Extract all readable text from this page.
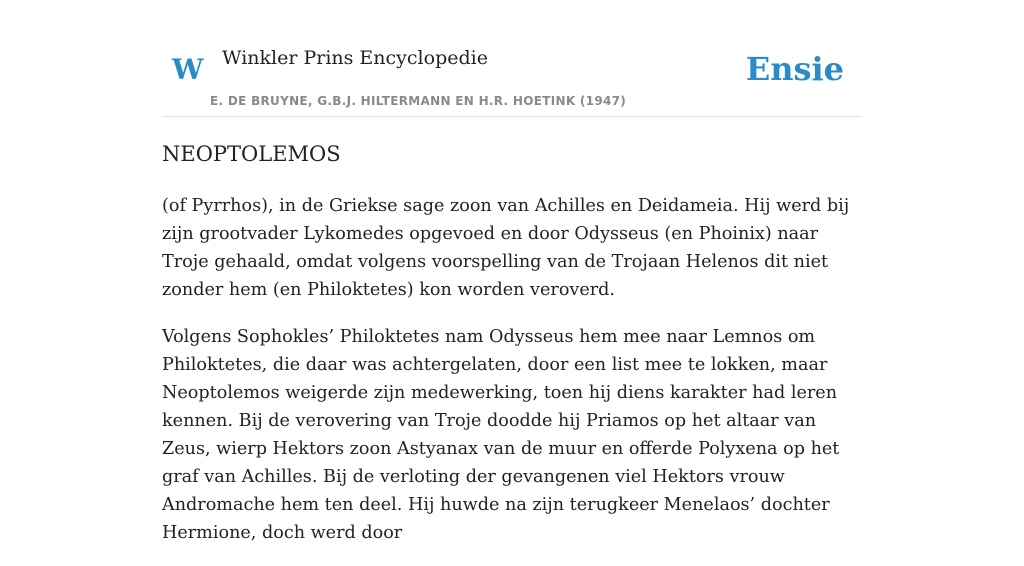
W Winkler Prins Encyclopedie
E. DE BRUYNE, G.B.J. HILTERMANN EN H.R. HOETINK (1947)
Ensie
NEOPTOLEMOS

(of Pyrrhos), in de Griekse sage zoon van Achilles en Deidameia. Hij werd bij zijn grootvader Lykomedes opgevoed en door Odysseus (en Phoinix) naar Troje gehaald, omdat volgens voorspelling van de Trojaan Helenos dit niet zonder hem (en Philoktetes) kon worden veroverd.

Volgens Sophokles’ Philoktetes nam Odysseus hem mee naar Lemnos om Philoktetes, die daar was achtergelaten, door een list mee te lokken, maar Neoptolemos weigerde zijn medewerking, toen hij diens karakter had leren kennen. Bij de verovering van Troje doodde hij Priamos op het altaar van Zeus, wierp Hektors zoon Astyanax van de muur en offerde Polyxena op het graf van Achilles. Bij de verloting der gevangenen viel Hektors vrouw Andromache hem ten deel. Hij huwde na zijn terugkeer Menelaos’ dochter Hermione, doch werd door
